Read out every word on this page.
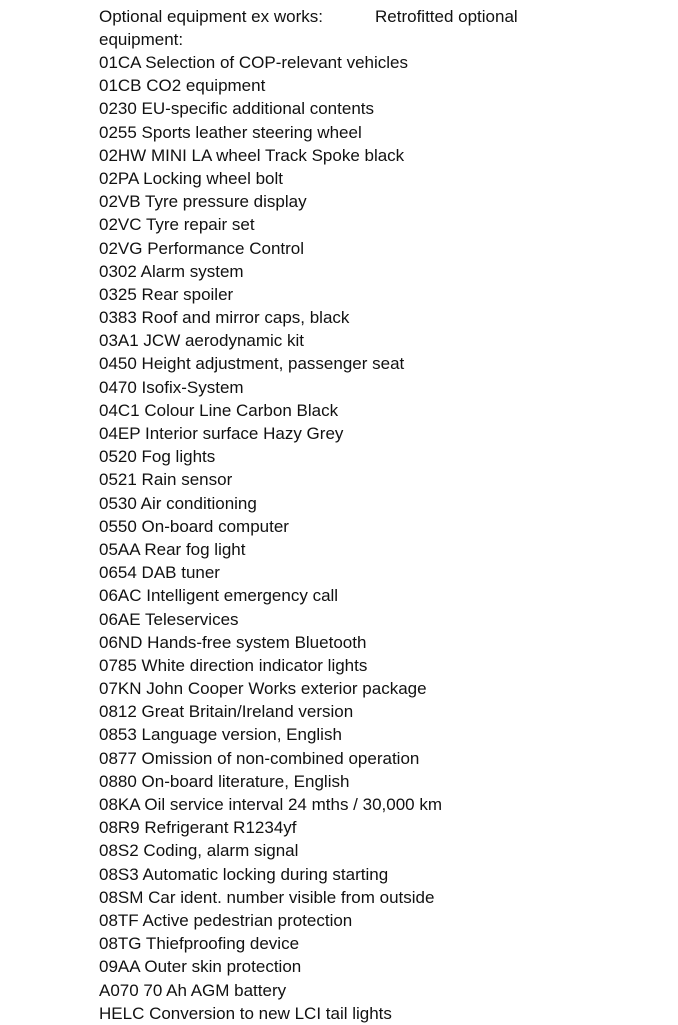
Optional equipment ex works:	Retrofitted optional
equipment:
01CA Selection of COP-relevant vehicles
01CB CO2 equipment
0230 EU-specific additional contents
0255 Sports leather steering wheel
02HW MINI LA wheel Track Spoke black
02PA Locking wheel bolt
02VB Tyre pressure display
02VC Tyre repair set
02VG Performance Control
0302 Alarm system
0325 Rear spoiler
0383 Roof and mirror caps, black
03A1 JCW aerodynamic kit
0450 Height adjustment, passenger seat
0470 Isofix-System
04C1 Colour Line Carbon Black
04EP Interior surface Hazy Grey
0520 Fog lights
0521 Rain sensor
0530 Air conditioning
0550 On-board computer
05AA Rear fog light
0654 DAB tuner
06AC Intelligent emergency call
06AE Teleservices
06ND Hands-free system Bluetooth
0785 White direction indicator lights
07KN John Cooper Works exterior package
0812 Great Britain/Ireland version
0853 Language version, English
0877 Omission of non-combined operation
0880 On-board literature, English
08KA Oil service interval 24 mths / 30,000 km
08R9 Refrigerant R1234yf
08S2 Coding, alarm signal
08S3 Automatic locking during starting
08SM Car ident. number visible from outside
08TF Active pedestrian protection
08TG Thiefproofing device
09AA Outer skin protection
A070 70 Ah AGM battery
HELC Conversion to new LCI tail lights
